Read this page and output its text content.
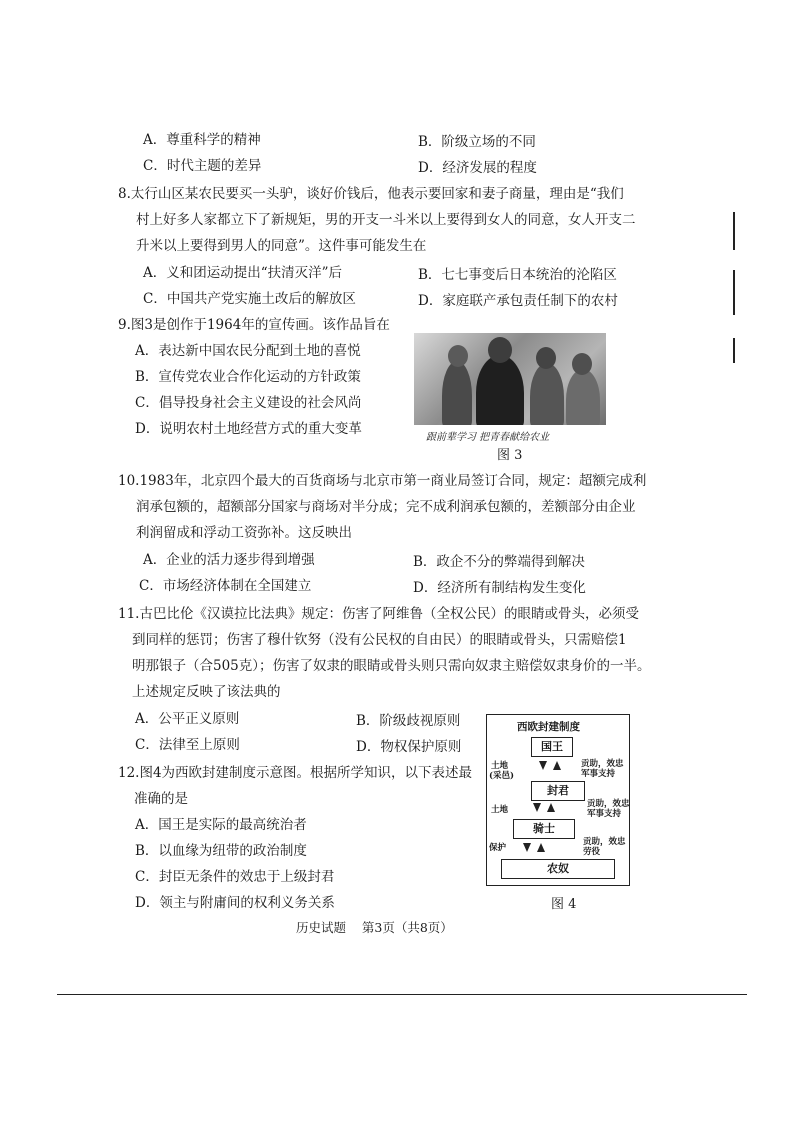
A．尊重科学的精神	B．阶级立场的不同
C．时代主题的差异	D．经济发展的程度
8.太行山区某农民要买一头驴，谈好价钱后，他表示要回家和妻子商量，理由是“我们
村上好多人家都立下了新规矩，男的开支一斗米以上要得到女人的同意，女人开支二
升米以上要得到男人的同意”。这件事可能发生在
A．义和团运动提出“扶清灭洋”后	B．七七事变后日本统治的沦陷区
C．中国共产党实施土改后的解放区	D．家庭联产承包责任制下的农村
9.图3是创作于1964年的宣传画。该作品旨在
A．表达新中国农民分配到土地的喜悦
B．宣传党农业合作化运动的方针政策
C．倡导投身社会主义建设的社会风尚
D．说明农村土地经营方式的重大变革
跟前辈学习 把青春献给农业
图 3
10.1983年，北京四个最大的百货商场与北京市第一商业局签订合同，规定：超额完成利
润承包额的，超额部分国家与商场对半分成；完不成利润承包额的，差额部分由企业
利润留成和浮动工资弥补。这反映出
A．企业的活力逐步得到增强	B．政企不分的弊端得到解决
C．市场经济体制在全国建立	D．经济所有制结构发生变化
11.古巴比伦《汉谟拉比法典》规定：伤害了阿维鲁（全权公民）的眼睛或骨头，必须受
到同样的惩罚；伤害了穆什钦努（没有公民权的自由民）的眼睛或骨头，只需赔偿1
明那银子（合505克）；伤害了奴隶的眼睛或骨头则只需向奴隶主赔偿奴隶身价的一半。
上述规定反映了该法典的
A．公平正义原则	B．阶级歧视原则
C．法律至上原则	D．物权保护原则
12.图4为西欧封建制度示意图。根据所学知识，以下表述最
准确的是
A．国王是实际的最高统治者
B．以血缘为纽带的政治制度
C．封臣无条件的效忠于上级封君
D．领主与附庸间的权利义务关系
西欧封建制度
国王
封君
骑士
农奴
土地
(采邑)
土地
保护
贡助，效忠
军事支持
贡助，效忠
军事支持
贡助，效忠
劳役
图 4
历史试题    第3页（共8页）
